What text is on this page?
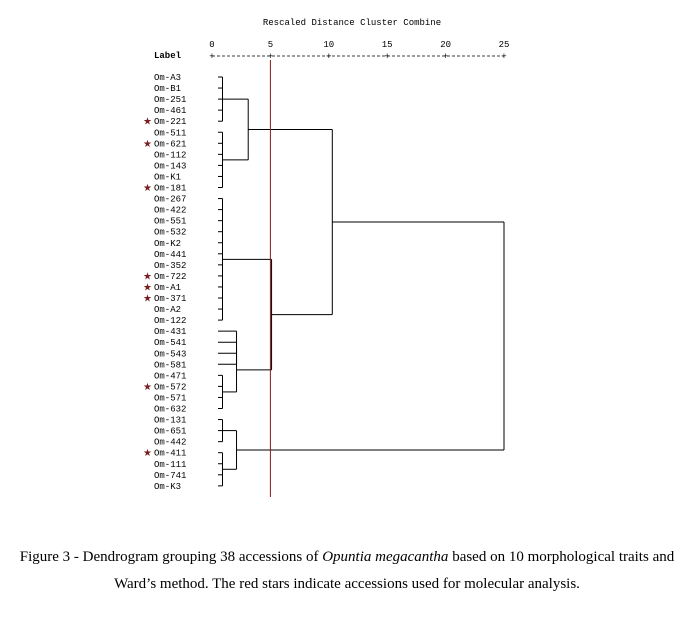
Rescaled Distance Cluster Combine
Label
0
+
5
+
10
+
15
+
20
+
25
+
Om-A3
Om-B1
Om-251
Om-461
Om-221
★
Om-511
Om-621
★
Om-112
Om-143
Om-K1
Om-181
★
Om-267
Om-422
Om-551
Om-532
Om-K2
Om-441
Om-352
Om-722
★
Om-A1
★
Om-371
★
Om-A2
Om-122
Om-431
Om-541
Om-543
Om-581
Om-471
Om-572
★
Om-571
Om-632
Om-131
Om-651
Om-442
Om-411
★
Om-111
Om-741
Om-K3
Figure 3 - Dendrogram grouping 38 accessions of Opuntia megacantha based on 10 morphological traits and Ward’s method. The red stars indicate accessions used for molecular analysis.
